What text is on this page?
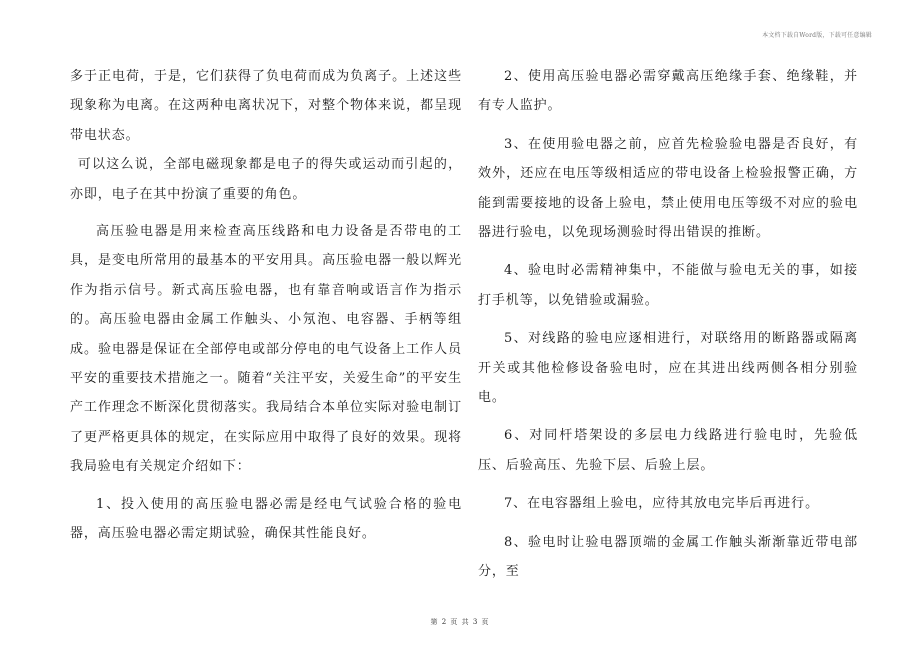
本文档下载自Word版，下载可任意编辑

多于正电荷，于是，它们获得了负电荷而成为负离子。上述这些现象称为电离。在这两种电离状况下，对整个物体来说，都呈现带电状态。

可以这么说，全部电磁现象都是电子的得失或运动而引起的，亦即，电子在其中扮演了重要的角色。

高压验电器是用来检查高压线路和电力设备是否带电的工具，是变电所常用的最基本的平安用具。高压验电器一般以辉光作为指示信号。新式高压验电器，也有靠音响或语言作为指示的。高压验电器由金属工作触头、小氖泡、电容器、手柄等组成。验电器是保证在全部停电或部分停电的电气设备上工作人员平安的重要技术措施之一。随着“关注平安，关爱生命”的平安生产工作理念不断深化贯彻落实。我局结合本单位实际对验电制订了更严格更具体的规定，在实际应用中取得了良好的效果。现将我局验电有关规定介绍如下：

1、投入使用的高压验电器必需是经电气试验合格的验电器，高压验电器必需定期试验，确保其性能良好。

2、使用高压验电器必需穿戴高压绝缘手套、绝缘鞋，并有专人监护。

3、在使用验电器之前，应首先检验验电器是否良好，有效外，还应在电压等级相适应的带电设备上检验报警正确，方能到需要接地的设备上验电，禁止使用电压等级不对应的验电器进行验电，以免现场测验时得出错误的推断。

4、验电时必需精神集中，不能做与验电无关的事，如接打手机等，以免错验或漏验。

5、对线路的验电应逐相进行，对联络用的断路器或隔离开关或其他检修设备验电时，应在其进出线两侧各相分别验电。

6、对同杆塔架设的多层电力线路进行验电时，先验低压、后验高压、先验下层、后验上层。

7、在电容器组上验电，应待其放电完毕后再进行。

8、验电时让验电器顶端的金属工作触头渐渐靠近带电部分，至

第 2 页 共 3 页
